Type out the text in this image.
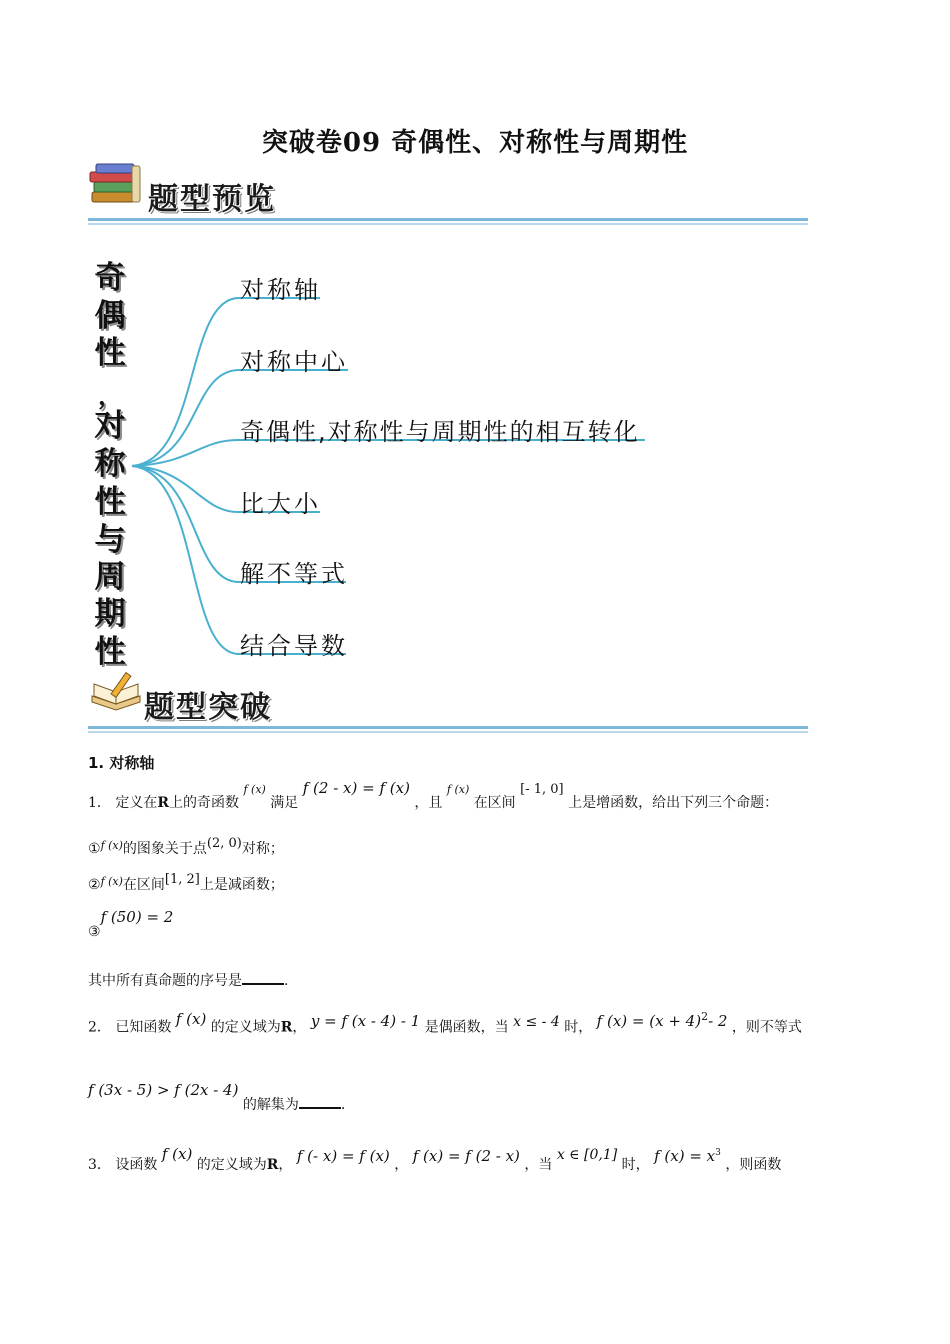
突破卷09 奇偶性、对称性与周期性
题型预览
奇
偶
性
，
对
称
性
与
周
期
性
对称轴
对称中心
奇偶性,对称性与周期性的相互转化
比大小
解不等式
结合导数
题型突破
1. 对称轴
1． 定义在R上的奇函数 $^{f (x)}$ 满足 f (2 - x) = f (x) ，且 $^{f (x)}$ 在区间 [- 1, 0] 上是增函数，给出下列三个命题：
①$^{f (x)}$的图象关于点(2, 0)对称；
②$^{f (x)}$在区间[1, 2]上是减函数；
③f (50) = 2
其中所有真命题的序号是	.
2． 已知函数 f (x) 的定义域为R， y = f (x - 4) - 1 是偶函数，当 x ≤ - 4 时， f $(x) = (x + 4)^2-$ 2 ，则不等式
f (3x - 5) > f (2x - 4) 的解集为	.
3． 设函数 f (x) 的定义域为R， f (- x) = f (x) ， f (x) = f (2 - x) ，当 x ∈ [0,1] 时， f $(x) = x^3$ ，则函数
